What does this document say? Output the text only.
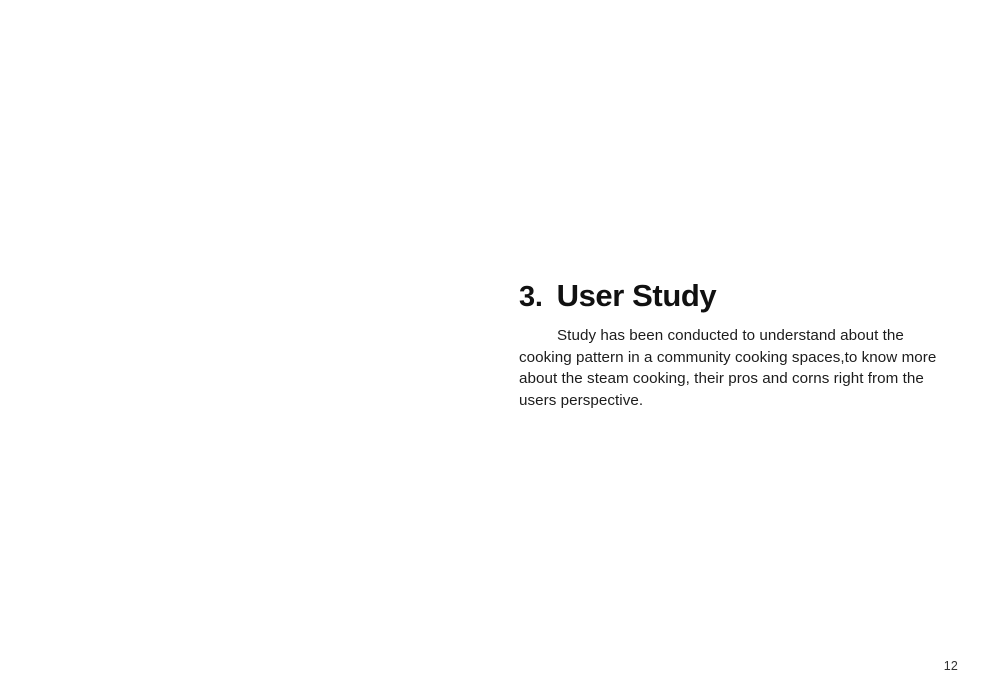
3. User Study

Study has been conducted to understand about the cooking pattern in a community cooking spaces,to know more about the steam cooking, their pros and corns right from the users perspective.

12
